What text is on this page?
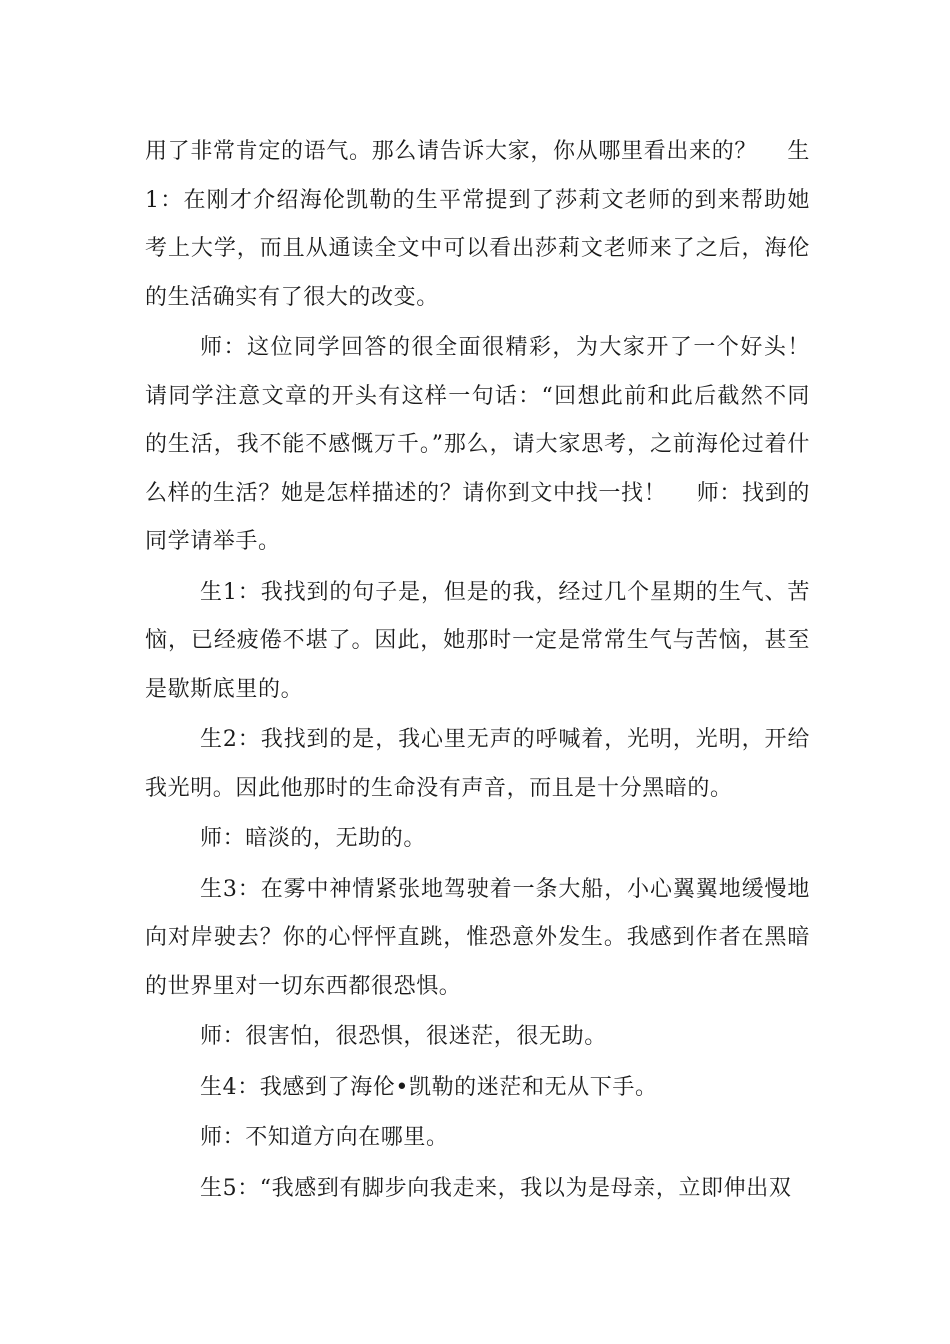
用了非常肯定的语气。那么请告诉大家，你从哪里看出来的？　 生1：在刚才介绍海伦凯勒的生平常提到了莎莉文老师的到来帮助她考上大学，而且从通读全文中可以看出莎莉文老师来了之后，海伦的生活确实有了很大的改变。

师：这位同学回答的很全面很精彩，为大家开了一个好头！请同学注意文章的开头有这样一句话：“回想此前和此后截然不同的生活，我不能不感慨万千。”那么，请大家思考，之前海伦过着什么样的生活？她是怎样描述的？请你到文中找一找！　 师：找到的同学请举手。

生1：我找到的句子是，但是的我，经过几个星期的生气、苦恼，已经疲倦不堪了。因此，她那时一定是常常生气与苦恼，甚至是歇斯底里的。

生2：我找到的是，我心里无声的呼喊着，光明，光明，开给我光明。因此他那时的生命没有声音，而且是十分黑暗的。

师：暗淡的，无助的。

生3：在雾中神情紧张地驾驶着一条大船，小心翼翼地缓慢地向对岸驶去？你的心怦怦直跳，惟恐意外发生。我感到作者在黑暗的世界里对一切东西都很恐惧。

师：很害怕，很恐惧，很迷茫，很无助。

生4：我感到了海伦•凯勒的迷茫和无从下手。

师：不知道方向在哪里。

生5：“我感到有脚步向我走来，我以为是母亲，立即伸出双
